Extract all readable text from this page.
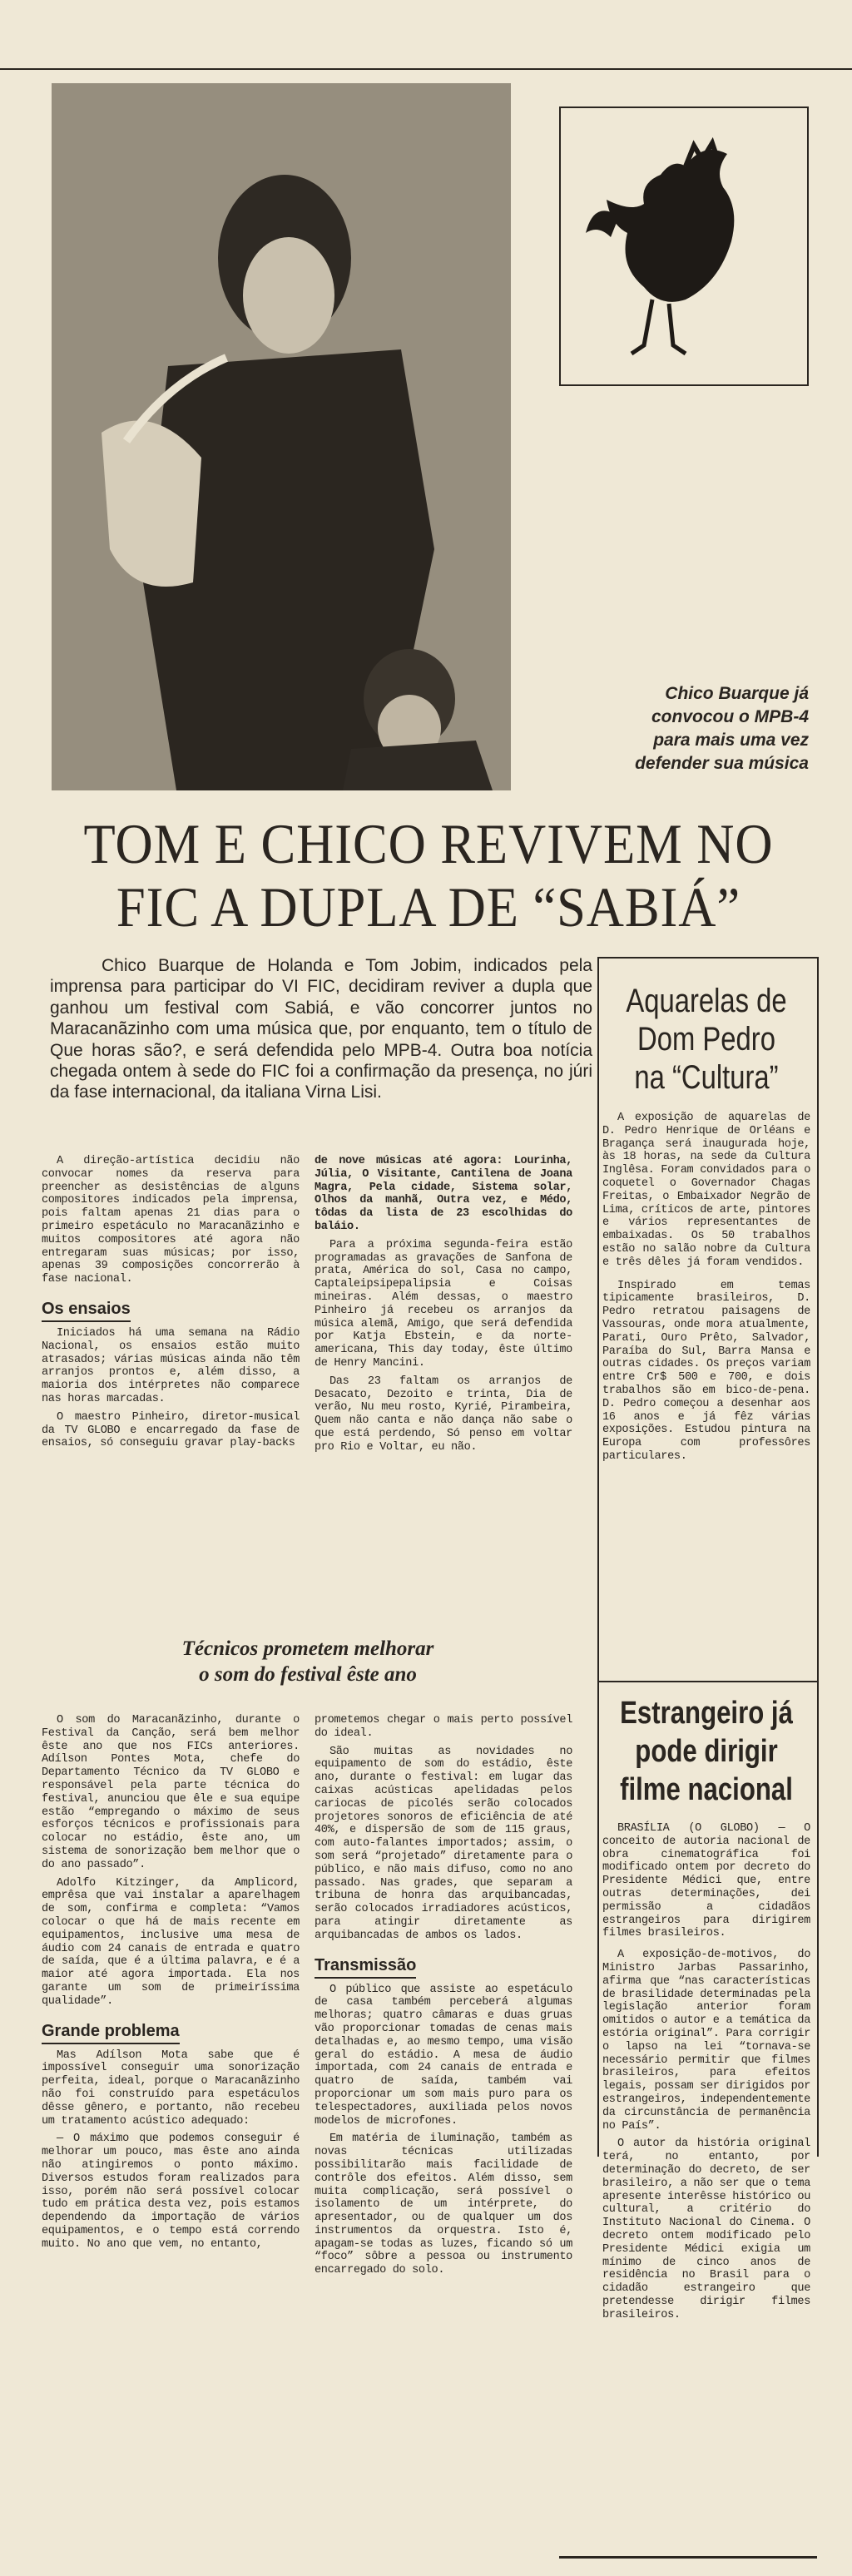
Chico Buarque já
convocou o MPB-4
para mais uma vez
defender sua música
TOM E CHICO REVIVEM NO
FIC A DUPLA DE “SABIÁ”
Chico Buarque de Holanda e Tom Jobim, indicados pela imprensa para participar do VI FIC, decidiram reviver a dupla que ganhou um festival com Sabiá, e vão concorrer juntos no Maracanãzinho com uma música que, por enquanto, tem o título de Que horas são?, e será defendida pelo MPB-4. Outra boa notícia chegada ontem à sede do FIC foi a confirmação da presença, no júri da fase internacional, da italiana Virna Lisi.

A direção-artística decidiu não convocar nomes da reserva para preencher as desistências de alguns compositores indicados pela imprensa, pois faltam apenas 21 dias para o primeiro espetáculo no Maracanãzinho e muitos compositores até agora não entregaram suas músicas; por isso, apenas 39 composições concorrerão à fase nacional.

Os ensaios

Iniciados há uma semana na Rádio Nacional, os ensaios estão muito atrasados; várias músicas ainda não têm arranjos prontos e, além disso, a maioria dos intérpretes não comparece nas horas marcadas.

O maestro Pinheiro, diretor-musical da TV GLOBO e encarregado da fase de ensaios, só conseguiu gravar play-backs

de nove músicas até agora: Lourinha, Júlia, O Visitante, Cantilena de Joana Magra, Pela cidade, Sistema solar, Olhos da manhã, Outra vez, e Médo, tôdas da lista de 23 escolhidas do baláio.

Para a próxima segunda-feira estão programadas as gravações de Sanfona de prata, América do sol, Casa no campo, Captaleipsipepalipsia e Coisas mineiras. Além dessas, o maestro Pinheiro já recebeu os arranjos da música alemã, Amigo, que será defendida por Katja Ebstein, e da norte-americana, This day today, êste último de Henry Mancini.

Das 23 faltam os arranjos de Desacato, Dezoito e trinta, Dia de verão, Nu meu rosto, Kyrié, Pirambeira, Quem não canta e não dança não sabe o que está perdendo, Só penso em voltar pro Rio e Voltar, eu não.

Técnicos prometem melhorar
o som do festival êste ano

O som do Maracanãzinho, durante o Festival da Canção, será bem melhor êste ano que nos FICs anteriores. Adílson Pontes Mota, chefe do Departamento Técnico da TV GLOBO e responsável pela parte técnica do festival, anunciou que êle e sua equipe estão “empregando o máximo de seus esforços técnicos e profissionais para colocar no estádio, êste ano, um sistema de sonorização bem melhor que o do ano passado”.

Adolfo Kitzinger, da Amplicord, emprêsa que vai instalar a aparelhagem de som, confirma e completa: “Vamos colocar o que há de mais recente em equipamentos, inclusive uma mesa de áudio com 24 canais de entrada e quatro de saída, que é a última palavra, e é a maior até agora importada. Ela nos garante um som de primeiríssima qualidade”.

Grande problema

Mas Adílson Mota sabe que é impossível conseguir uma sonorização perfeita, ideal, porque o Maracanãzinho não foi construído para espetáculos dêsse gênero, e portanto, não recebeu um tratamento acústico adequado:

— O máximo que podemos conseguir é melhorar um pouco, mas êste ano ainda não atingiremos o ponto máximo. Diversos estudos foram realizados para isso, porém não será possível colocar tudo em prática desta vez, pois estamos dependendo da importação de vários equipamentos, e o tempo está correndo muito. No ano que vem, no entanto,

prometemos chegar o mais perto possível do ideal.

São muitas as novidades no equipamento de som do estádio, êste ano, durante o festival: em lugar das caixas acústicas apelidadas pelos cariocas de picolés serão colocados projetores sonoros de eficiência de até 40%, e dispersão de som de 115 graus, com auto-falantes importados; assim, o som será “projetado” diretamente para o público, e não mais difuso, como no ano passado. Nas grades, que separam a tribuna de honra das arquibancadas, serão colocados irradiadores acústicos, para atingir diretamente as arquibancadas de ambos os lados.

Transmissão

O público que assiste ao espetáculo de casa também perceberá algumas melhoras; quatro câmaras e duas gruas vão proporcionar tomadas de cenas mais detalhadas e, ao mesmo tempo, uma visão geral do estádio. A mesa de áudio importada, com 24 canais de entrada e quatro de saída, também vai proporcionar um som mais puro para os telespectadores, auxiliada pelos novos modelos de microfones.

Em matéria de iluminação, também as novas técnicas utilizadas possibilitarão mais facilidade de contrôle dos efeitos. Além disso, sem muita complicação, será possível o isolamento de um intérprete, do apresentador, ou de qualquer um dos instrumentos da orquestra. Isto é, apagam-se todas as luzes, ficando só um “foco” sôbre a pessoa ou instrumento encarregado do solo.

Aquarelas de
Dom Pedro
na “Cultura”

A exposição de aquarelas de D. Pedro Henrique de Orléans e Bragança será inaugurada hoje, às 18 horas, na sede da Cultura Inglêsa. Foram convidados para o coquetel o Governador Chagas Freitas, o Embaixador Negrão de Lima, críticos de arte, pintores e vários representantes de embaixadas. Os 50 trabalhos estão no salão nobre da Cultura e três dêles já foram vendidos.

Inspirado em temas tipicamente brasileiros, D. Pedro retratou paisagens de Vassouras, onde mora atualmente, Parati, Ouro Prêto, Salvador, Paraíba do Sul, Barra Mansa e outras cidades. Os preços variam entre Cr$ 500 e 700, e dois trabalhos são em bico-de-pena. D. Pedro começou a desenhar aos 16 anos e já fêz várias exposições. Estudou pintura na Europa com professôres particulares.

Estrangeiro já
pode dirigir
filme nacional

BRASÍLIA (O GLOBO) — O conceito de autoria nacional de obra cinematográfica foi modificado ontem por decreto do Presidente Médici que, entre outras determinações, dei permissão a cidadãos estrangeiros para dirigirem filmes brasileiros.

A exposição-de-motivos, do Ministro Jarbas Passarinho, afirma que “nas características de brasilidade determinadas pela legislação anterior foram omitidos o autor e a temática da estória original”. Para corrigir o lapso na lei “tornava-se necessário permitir que filmes brasileiros, para efeitos legais, possam ser dirigidos por estrangeiros, independentemente da circunstância de permanência no País”.

O autor da história original terá, no entanto, por determinação do decreto, de ser brasileiro, a não ser que o tema apresente interêsse histórico ou cultural, a critério do Instituto Nacional do Cinema. O decreto ontem modificado pelo Presidente Médici exigia um mínimo de cinco anos de residência no Brasil para o cidadão estrangeiro que pretendesse dirigir filmes brasileiros.
